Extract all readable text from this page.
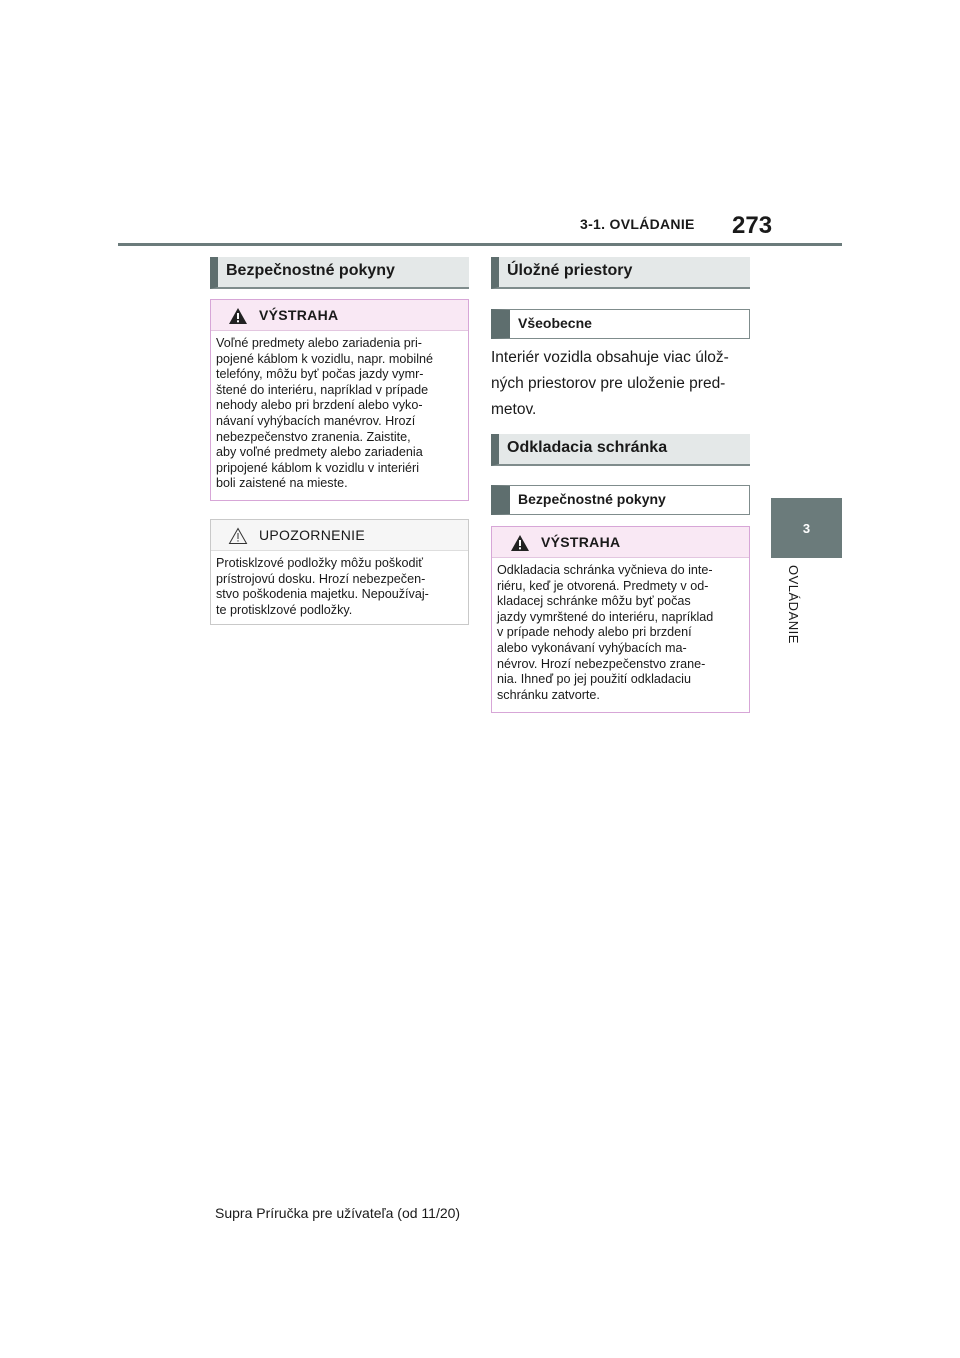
3-1. OVLÁDANIE 273
3
OVLÁDANIE
Bezpečnostné pokyny
VÝSTRAHA
Voľné predmety alebo zariadenia pri-
pojené káblom k vozidlu, napr. mobilné
telefóny, môžu byť počas jazdy vymr-
štené do interiéru, napríklad v prípade
nehody alebo pri brzdení alebo vyko-
návaní vyhýbacích manévrov. Hrozí
nebezpečenstvo zranenia. Zaistite,
aby voľné predmety alebo zariadenia
pripojené káblom k vozidlu v interiéri
boli zaistené na mieste.
UPOZORNENIE
Protisklzové podložky môžu poškodiť
prístrojovú dosku. Hrozí nebezpečen-
stvo poškodenia majetku. Nepoužívaj-
te protisklzové podložky.
Úložné priestory
Všeobecne
Interiér vozidla obsahuje viac úlož-
ných priestorov pre uloženie pred-
metov.
Odkladacia schránka
Bezpečnostné pokyny
VÝSTRAHA
Odkladacia schránka vyčnieva do inte-
riéru, keď je otvorená. Predmety v od-
kladacej schránke môžu byť počas
jazdy vymrštené do interiéru, napríklad
v prípade nehody alebo pri brzdení
alebo vykonávaní vyhýbacích ma-
névrov. Hrozí nebezpečenstvo zrane-
nia. Ihneď po jej použití odkladaciu
schránku zatvorte.
Supra Príručka pre užívateľa (od 11/20)
